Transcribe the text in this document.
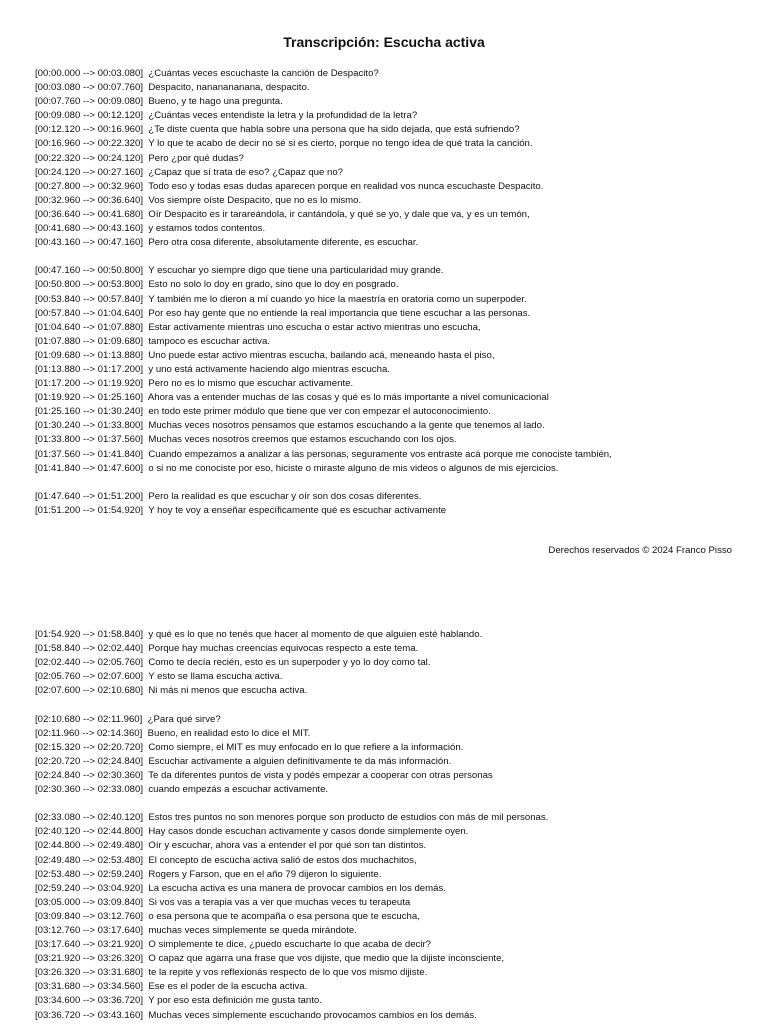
Transcripción: Escucha activa
[00:00.000 --> 00:03.080] ¿Cuántas veces escuchaste la canción de Despacito?
[00:03.080 --> 00:07.760] Despacito, nananananana, despacito.
[00:07.760 --> 00:09.080] Bueno, y te hago una pregunta.
[00:09.080 --> 00:12.120] ¿Cuántas veces entendiste la letra y la profundidad de la letra?
[00:12.120 --> 00:16.960] ¿Te diste cuenta que habla sobre una persona que ha sido dejada, que está sufriendo?
[00:16.960 --> 00:22.320] Y lo que te acabo de decir no sé si es cierto, porque no tengo idea de qué trata la canción.
[00:22.320 --> 00:24.120] Pero ¿por qué dudas?
[00:24.120 --> 00:27.160] ¿Capaz que sí trata de eso? ¿Capaz que no?
[00:27.800 --> 00:32.960] Todo eso y todas esas dudas aparecen porque en realidad vos nunca escuchaste Despacito.
[00:32.960 --> 00:36.640] Vos siempre oíste Despacito, que no es lo mismo.
[00:36.640 --> 00:41.680] Oír Despacito es ir tarareándola, ir cantándola, y qué se yo, y dale que va, y es un temón,
[00:41.680 --> 00:43.160] y estamos todos contentos.
[00:43.160 --> 00:47.160] Pero otra cosa diferente, absolutamente diferente, es escuchar.
[00:47.160 --> 00:50.800] Y escuchar yo siempre digo que tiene una particularidad muy grande.
[00:50.800 --> 00:53.800] Esto no solo lo doy en grado, sino que lo doy en posgrado.
[00:53.840 --> 00:57.840] Y también me lo dieron a mí cuando yo hice la maestría en oratoria como un superpoder.
[00:57.840 --> 01:04.640] Por eso hay gente que no entiende la real importancia que tiene escuchar a las personas.
[01:04.640 --> 01:07.880] Estar activamente mientras uno escucha o estar activo mientras uno escucha,
[01:07.880 --> 01:09.680] tampoco es escuchar activa.
[01:09.680 --> 01:13.880] Uno puede estar activo mientras escucha, bailando acá, meneando hasta el piso,
[01:13.880 --> 01:17.200] y uno está activamente haciendo algo mientras escucha.
[01:17.200 --> 01:19.920] Pero no es lo mismo que escuchar activamente.
[01:19.920 --> 01:25.160] Ahora vas a entender muchas de las cosas y qué es lo más importante a nivel comunicacional
[01:25.160 --> 01:30.240] en todo este primer módulo que tiene que ver con empezar el autoconocimiento.
[01:30.240 --> 01:33.800] Muchas veces nosotros pensamos que estamos escuchando a la gente que tenemos al lado.
[01:33.800 --> 01:37.560] Muchas veces nosotros creemos que estamos escuchando con los ojos.
[01:37.560 --> 01:41.840] Cuando empezamos a analizar a las personas, seguramente vos entraste acá porque me conociste también,
[01:41.840 --> 01:47.600] o si no me conociste por eso, hiciste o miraste alguno de mis videos o algunos de mis ejercicios.
[01:47.640 --> 01:51.200] Pero la realidad es que escuchar y oír son dos cosas diferentes.
[01:51.200 --> 01:54.920] Y hoy te voy a enseñar específicamente qué es escuchar activamente
Derechos reservados © 2024 Franco Pisso
[01:54.920 --> 01:58.840] y qué es lo que no tenés que hacer al momento de que alguien esté hablando.
[01:58.840 --> 02:02.440] Porque hay muchas creencias equivocas respecto a este tema.
[02:02.440 --> 02:05.760] Como te decía recién, esto es un superpoder y yo lo doy como tal.
[02:05.760 --> 02:07.600] Y esto se llama escucha activa.
[02:07.600 --> 02:10.680] Ni más ni menos que escucha activa.
[02:10.680 --> 02:11.960] ¿Para qué sirve?
[02:11.960 --> 02:14.360] Bueno, en realidad esto lo dice el MIT.
[02:15.320 --> 02:20.720] Como siempre, el MIT es muy enfocado en lo que refiere a la información.
[02:20.720 --> 02:24.840] Escuchar activamente a alguien definitivamente te da más información.
[02:24.840 --> 02:30.360] Te da diferentes puntos de vista y podés empezar a cooperar con otras personas
[02:30.360 --> 02:33.080] cuando empezás a escuchar activamente.
[02:33.080 --> 02:40.120] Estos tres puntos no son menores porque son producto de estudios con más de mil personas.
[02:40.120 --> 02:44.800] Hay casos donde escuchan activamente y casos donde simplemente oyen.
[02:44.800 --> 02:49.480] Oír y escuchar, ahora vas a entender el por qué son tan distintos.
[02:49.480 --> 02:53.480] El concepto de escucha activa salió de estos dos muchachitos,
[02:53.480 --> 02:59.240] Rogers y Farson, que en el año 79 dijeron lo siguiente.
[02:59.240 --> 03:04.920] La escucha activa es una manera de provocar cambios en los demás.
[03:05.000 --> 03:09.840] Si vos vas a terapia vas a ver que muchas veces tu terapeuta
[03:09.840 --> 03:12.760] o esa persona que te acompaña o esa persona que te escucha,
[03:12.760 --> 03:17.640] muchas veces simplemente se queda mirándote.
[03:17.640 --> 03:21.920] O simplemente te dice, ¿puedo escucharte lo que acaba de decir?
[03:21.920 --> 03:26.320] O capaz que agarra una frase que vos dijiste, que medio que la dijiste inconsciente,
[03:26.320 --> 03:31.680] te la repite y vos reflexionás respecto de lo que vos mismo dijiste.
[03:31.680 --> 03:34.560] Ese es el poder de la escucha activa.
[03:34.600 --> 03:36.720] Y por eso esta definición me gusta tanto.
[03:36.720 --> 03:43.160] Muchas veces simplemente escuchando provocamos cambios en los demás.
